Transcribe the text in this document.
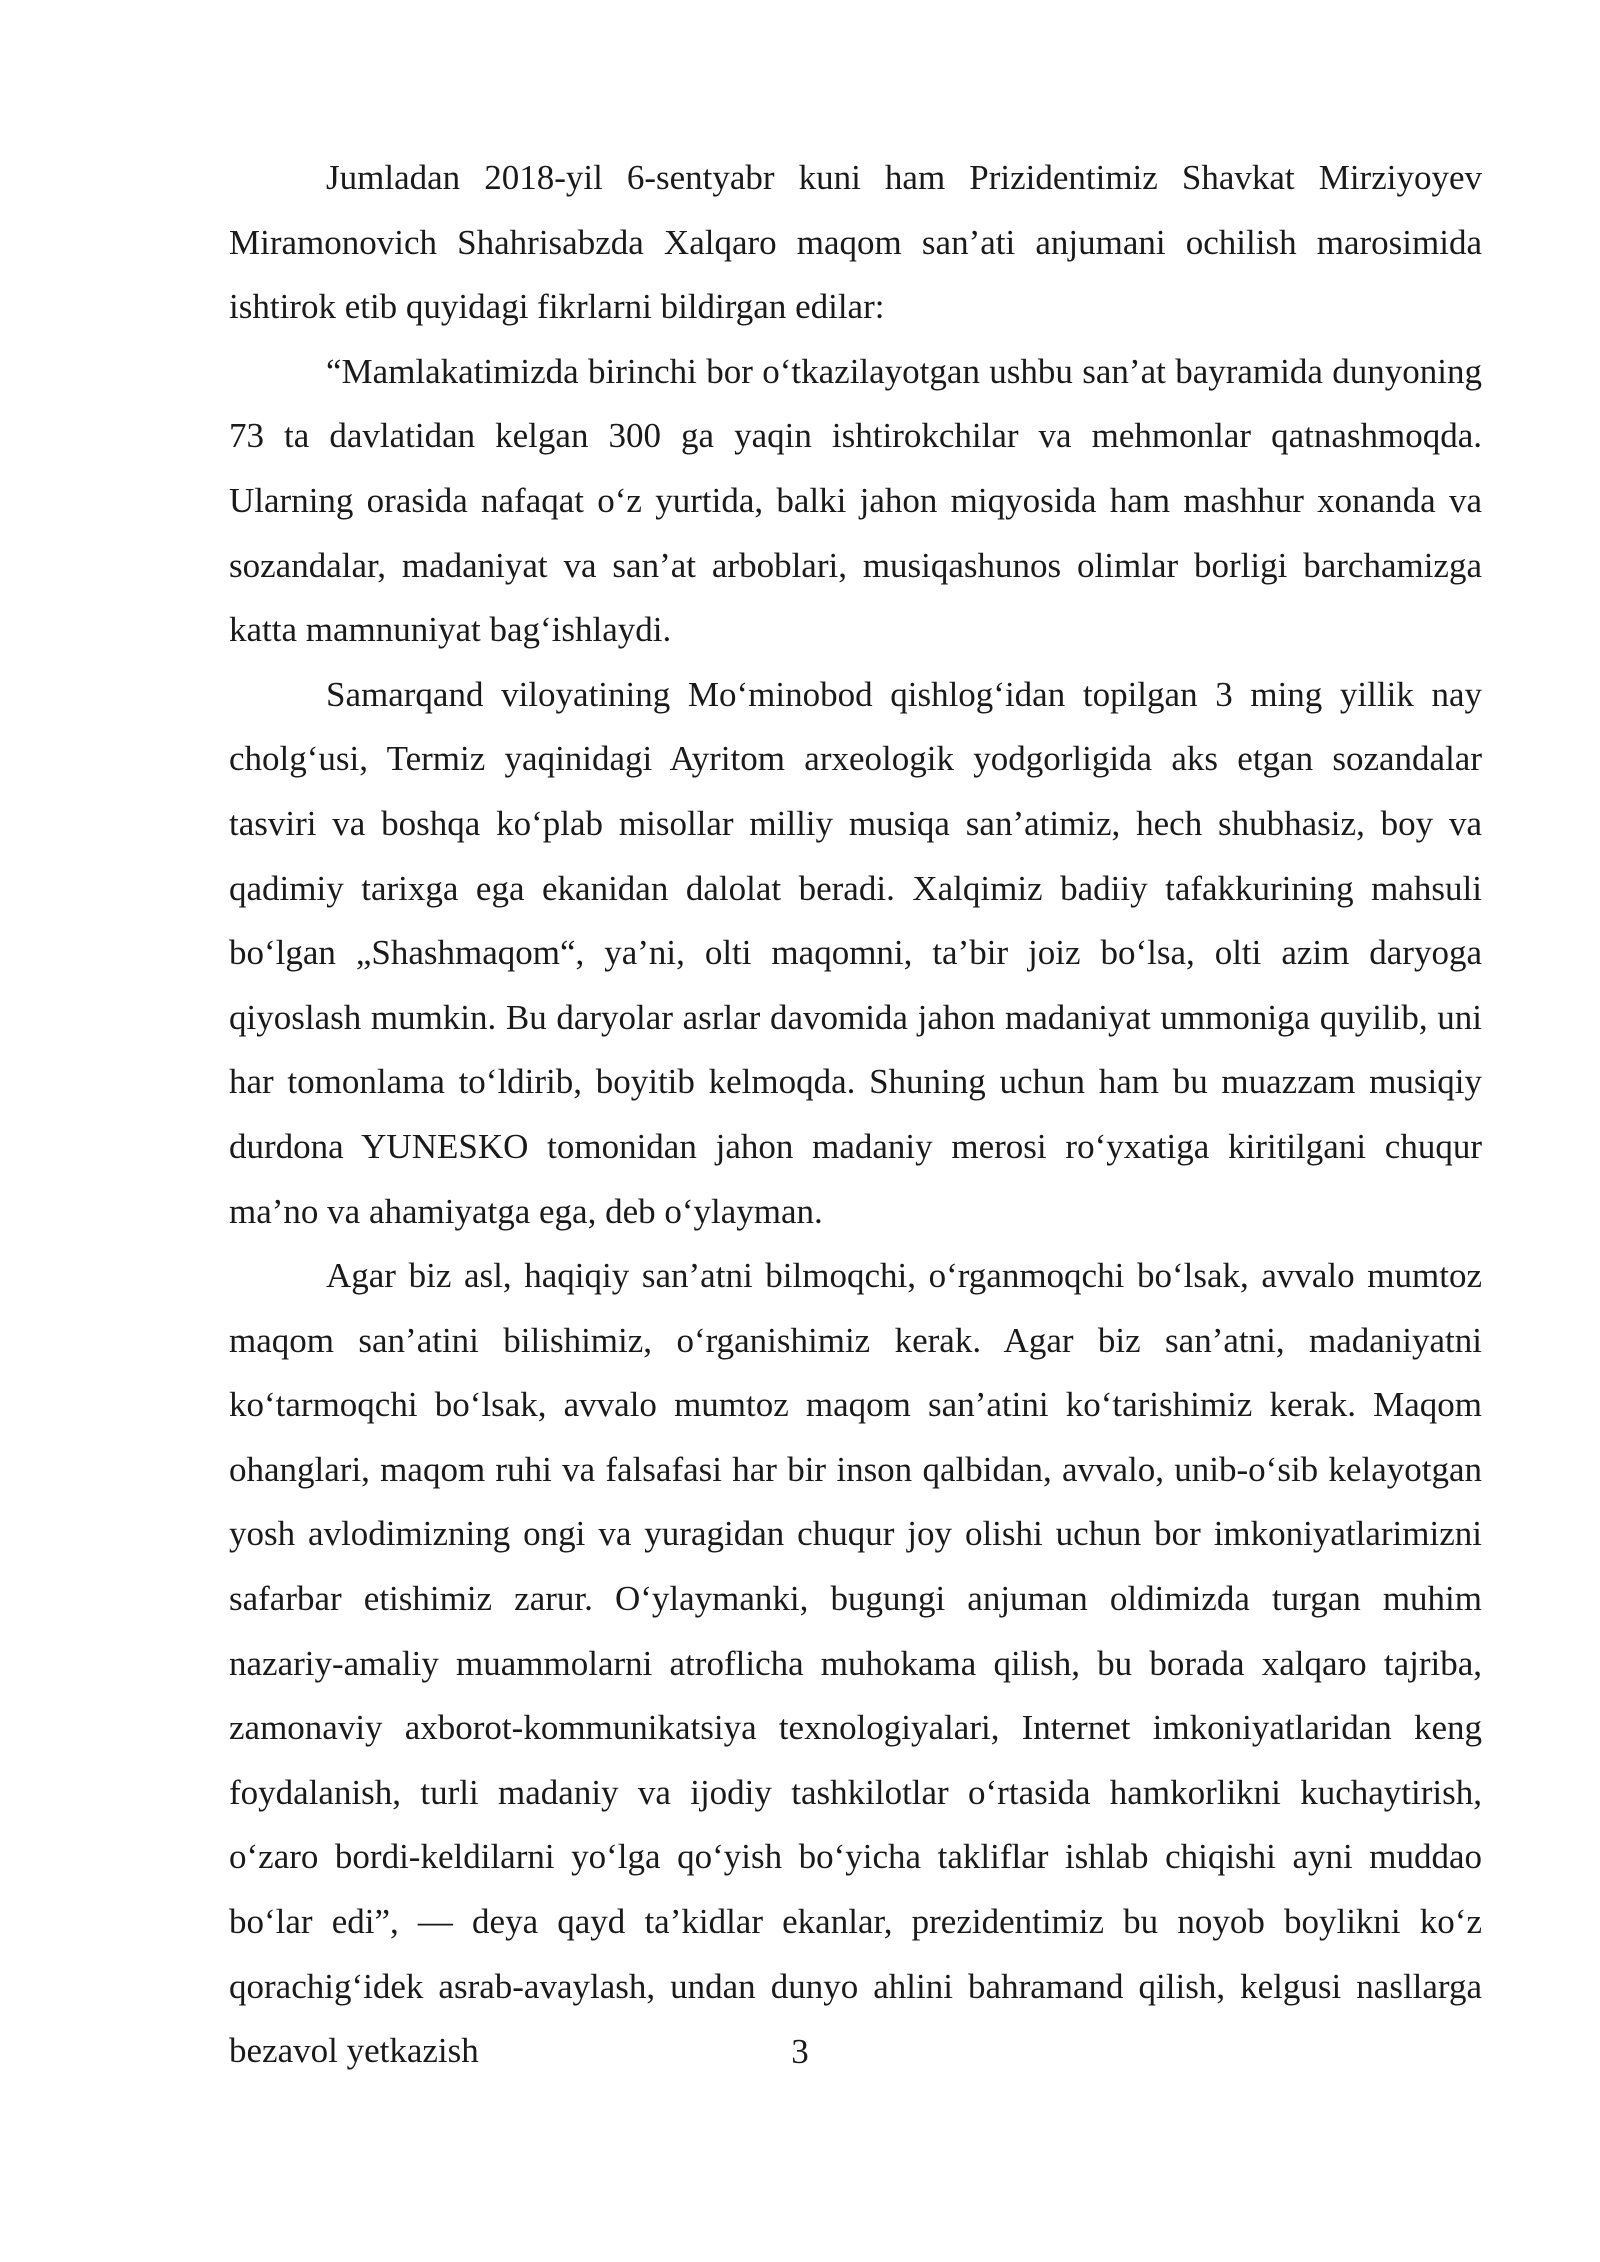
Jumladan 2018-yil 6-sentyabr kuni ham Prizidentimiz Shavkat Mirziyoyev Miramonovich Shahrisabzda Xalqaro maqom san’ati anjumani ochilish marosimida ishtirok etib quyidagi fikrlarni bildirgan edilar:

“Mamlakatimizda birinchi bor o‘tkazilayotgan ushbu san’at bayramida dunyoning 73 ta davlatidan kelgan 300 ga yaqin ishtirokchilar va mehmonlar qatnashmoqda. Ularning orasida nafaqat o‘z yurtida, balki jahon miqyosida ham mashhur xonanda va sozandalar, madaniyat va san’at arboblari, musiqashunos olimlar borligi barchamizga katta mamnuniyat bag‘ishlaydi.

Samarqand viloyatining Mo‘minobod qishlog‘idan topilgan 3 ming yillik nay cholg‘usi, Termiz yaqinidagi Ayritom arxeologik yodgorligida aks etgan sozandalar tasviri va boshqa ko‘plab misollar milliy musiqa san’atimiz, hech shubhasiz, boy va qadimiy tarixga ega ekanidan dalolat beradi. Xalqimiz badiiy tafakkurining mahsuli bo‘lgan „Shashmaqom“, ya’ni, olti maqomni, ta’bir joiz bo‘lsa, olti azim daryoga qiyoslash mumkin. Bu daryolar asrlar davomida jahon madaniyat ummoniga quyilib, uni har tomonlama to‘ldirib, boyitib kelmoqda. Shuning uchun ham bu muazzam musiqiy durdona YUNESKO tomonidan jahon madaniy merosi ro‘yxatiga kiritilgani chuqur ma’no va ahamiyatga ega, deb o‘ylayman.

Agar biz asl, haqiqiy san’atni bilmoqchi, o‘rganmoqchi bo‘lsak, avvalo mumtoz maqom san’atini bilishimiz, o‘rganishimiz kerak. Agar biz san’atni, madaniyatni ko‘tarmoqchi bo‘lsak, avvalo mumtoz maqom san’atini ko‘tarishimiz kerak. Maqom ohanglari, maqom ruhi va falsafasi har bir inson qalbidan, avvalo, unib-o‘sib kelayotgan yosh avlodimizning ongi va yuragidan chuqur joy olishi uchun bor imkoniyatlarimizni safarbar etishimiz zarur. O‘ylaymanki, bugungi anjuman oldimizda turgan muhim nazariy-amaliy muammolarni atroflicha muhokama qilish, bu borada xalqaro tajriba, zamonaviy axborot-kommunikatsiya texnologiyalari, Internet imkoniyatlaridan keng foydalanish, turli madaniy va ijodiy tashkilotlar o‘rtasida hamkorlikni kuchaytirish, o‘zaro bordi-keldilarni yo‘lga qo‘yish bo‘yicha takliflar ishlab chiqishi ayni muddao bo‘lar edi”, — deya qayd ta’kidlar ekanlar, prezidentimiz bu noyob boylikni ko‘z qorachig‘idek asrab-avaylash, undan dunyo ahlini bahramand qilish, kelgusi nasllarga bezavol yetkazish	3
